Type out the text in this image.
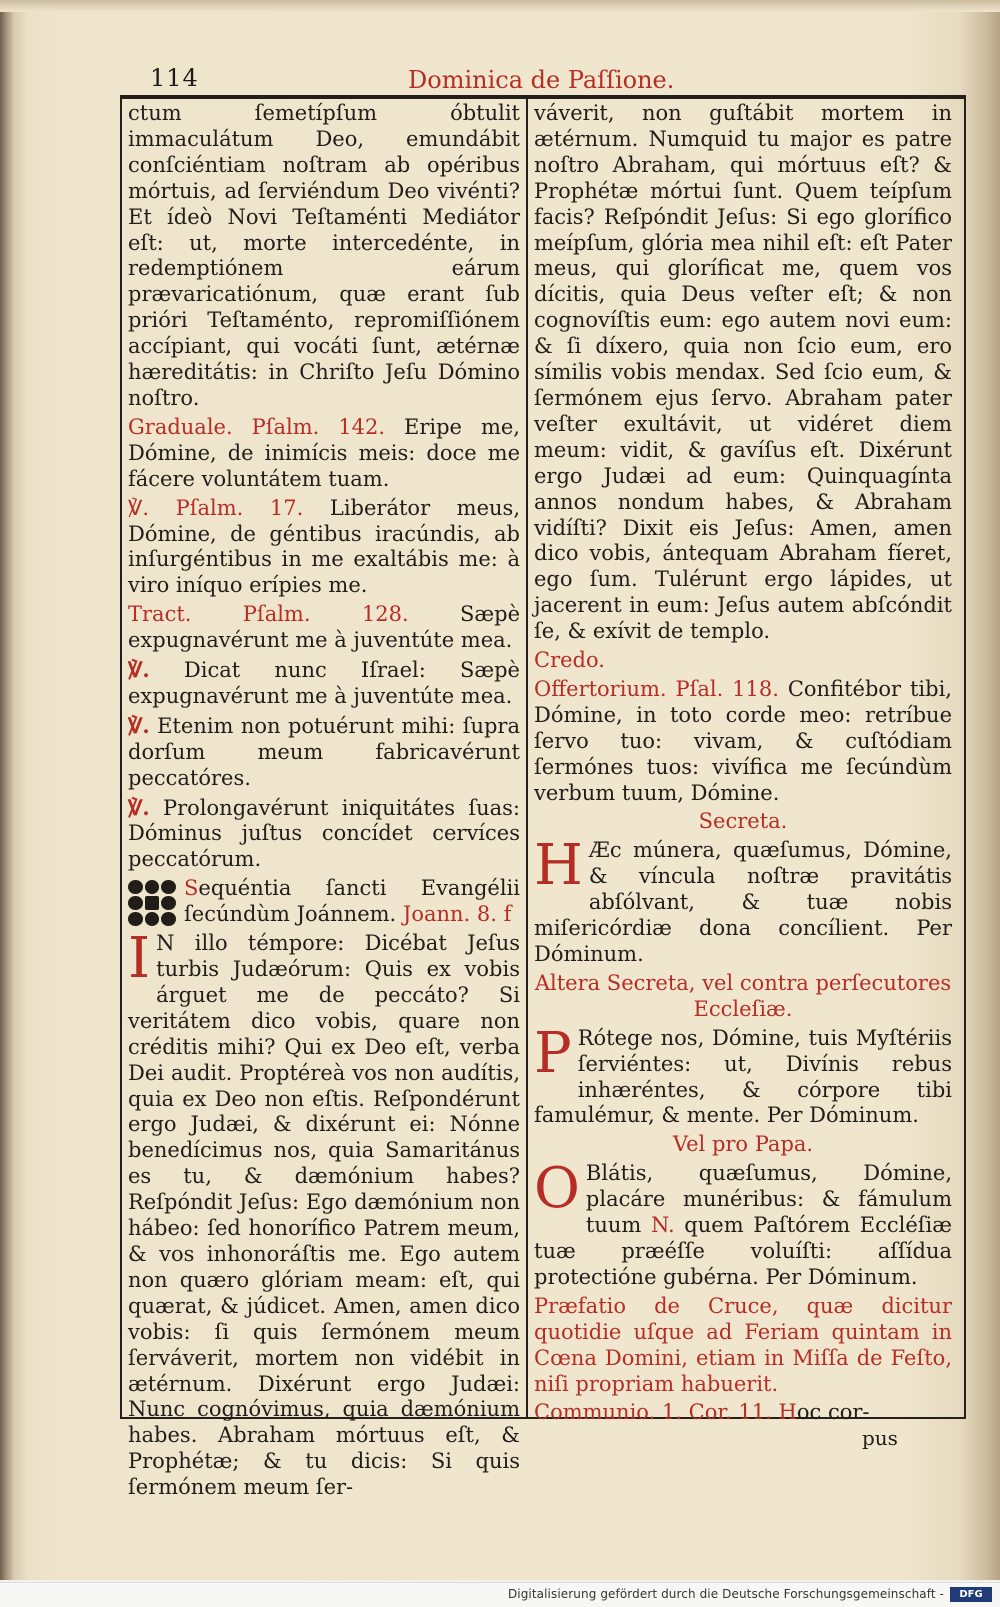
114	Dominica de Paſſione.

ctum ſemetípſum óbtulit immaculátum Deo, emundábit conſciéntiam noſtram ab opéribus mórtuis, ad ſerviéndum Deo vivénti? Et ídeò Novi Teſtaménti Mediátor eſt: ut, morte intercedénte, in redemptiónem eárum prævaricatiónum, quæ erant ſub prióri Teſtaménto, repromiſſiónem accípiant, qui vocáti ſunt, ætérnæ hæreditátis: in Chriſto Jeſu Dómino noſtro.

Graduale. Pſalm. 142. Eripe me, Dómine, de inimícis meis: doce me fácere voluntátem tuam.

℣. Pſalm. 17. Liberátor meus, Dómine, de géntibus iracúndis, ab inſurgéntibus in me exaltábis me: à viro iníquo erípies me.

Tract. Pſalm. 128. Sæpè expugnavérunt me à juventúte mea.

℣. Dicat nunc Iſrael: Sæpè expugnavérunt me à juventúte mea.

℣. Etenim non potuérunt mihi: ſupra dorſum meum fabricavérunt peccatóres.

℣. Prolongavérunt iniquitátes ſuas: Dóminus juſtus concídet cervíces peccatórum.

Sequéntia ſancti Evangélii ſecúndùm Joánnem. Joann. 8. f

I N illo témpore: Dicébat Jeſus turbis Judæórum: Quis ex vobis árguet me de peccáto? Si veritátem dico vobis, quare non créditis mihi? Qui ex Deo eſt, verba Dei audit. Proptéreà vos non audítis, quia ex Deo non eſtis. Reſpondérunt ergo Judæi, & dixérunt ei: Nónne benedícimus nos, quia Samaritánus es tu, & dæmónium habes? Reſpóndit Jeſus: Ego dæmónium non hábeo: ſed honorífico Patrem meum, & vos inhonoráſtis me. Ego autem non quæro glóriam meam: eſt, qui quærat, & júdicet. Amen, amen dico vobis: ſi quis ſermónem meum ſerváverit, mortem non vidébit in ætérnum. Dixérunt ergo Judæi: Nunc cognóvimus, quia dæmónium habes. Abraham mórtuus eſt, & Prophétæ; & tu dicis: Si quis ſermónem meum ſer-

váverit, non guſtábit mortem in ætérnum. Numquid tu major es patre noſtro Abraham, qui mórtuus eſt? & Prophétæ mórtui ſunt. Quem teípſum facis? Reſpóndit Jeſus: Si ego glorífico meípſum, glória mea nihil eſt: eſt Pater meus, qui gloríficat me, quem vos dícitis, quia Deus veſter eſt; & non cognovíſtis eum: ego autem novi eum: & ſi díxero, quia non ſcio eum, ero símilis vobis mendax. Sed ſcio eum, & ſermónem ejus ſervo. Abraham pater veſter exultávit, ut vidéret diem meum: vidit, & gavíſus eſt. Dixérunt ergo Judæi ad eum: Quinquagínta annos nondum habes, & Abraham vidíſti? Dixit eis Jeſus: Amen, amen dico vobis, ántequam Abraham fíeret, ego ſum. Tulérunt ergo lápides, ut jacerent in eum: Jeſus autem abſcóndit ſe, & exívit de templo.

Credo.

Offertorium. Pſal. 118. Confitébor tibi, Dómine, in toto corde meo: retríbue ſervo tuo: vivam, & cuſtódiam ſermónes tuos: vivífica me ſecúndùm verbum tuum, Dómine.

Secreta.

H Æc múnera, quæſumus, Dómine, & víncula noſtræ pravitátis abſólvant, & tuæ nobis miſericórdiæ dona concílient. Per Dóminum.

Altera Secreta, vel contra perſecutores Eccleſiæ.

P Rótege nos, Dómine, tuis Myſtériis ſerviéntes: ut, Divínis rebus inhæréntes, & córpore tibi famulémur, & mente. Per Dóminum.

Vel pro Papa.

O Blátis, quæſumus, Dómine, placáre munéribus: & fámulum tuum N. quem Paſtórem Eccléſiæ tuæ præéſſe voluíſti: aſſídua protectióne gubérna. Per Dóminum.

Præfatio de Cruce, quæ dicitur quotidie uſque ad Feriam quintam in Cœna Domini, etiam in Miſſa de Feſto, niſi propriam habuerit.

Communio. 1. Cor. 11. Hoc cor-

pus
Digitalisierung gefördert durch die Deutsche Forschungsgemeinschaft -	DFG
